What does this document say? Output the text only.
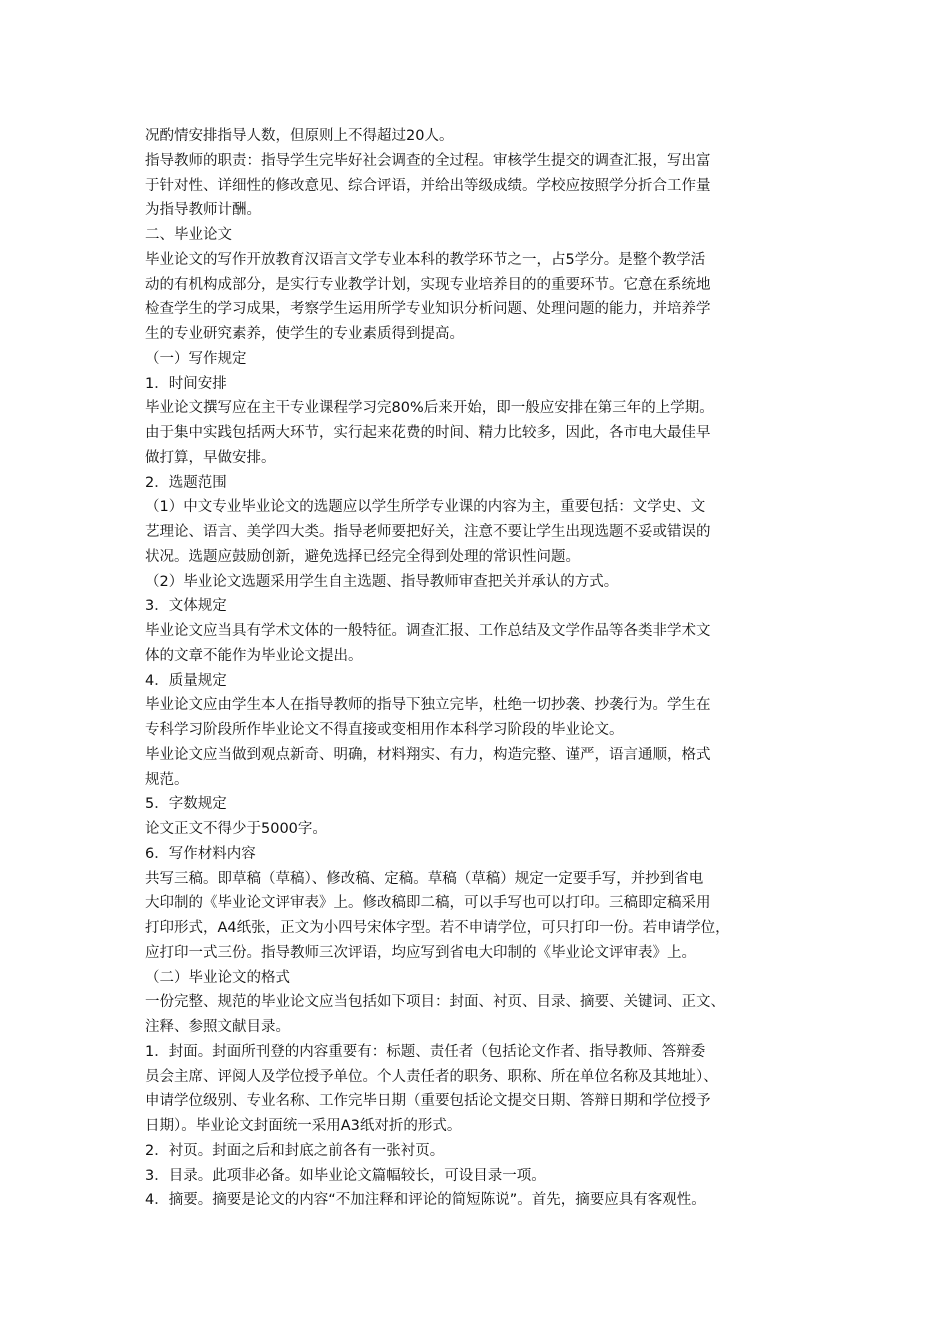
况酌情安排指导人数，但原则上不得超过20人。
指导教师的职责：指导学生完毕好社会调查的全过程。审核学生提交的调查汇报，写出富
于针对性、详细性的修改意见、综合评语，并给出等级成绩。学校应按照学分折合工作量
为指导教师计酬。
二、毕业论文
毕业论文的写作开放教育汉语言文学专业本科的教学环节之一，占5学分。是整个教学活
动的有机构成部分，是实行专业教学计划，实现专业培养目的的重要环节。它意在系统地
检查学生的学习成果，考察学生运用所学专业知识分析问题、处理问题的能力，并培养学
生的专业研究素养，使学生的专业素质得到提高。
（一）写作规定
1．时间安排
毕业论文撰写应在主干专业课程学习完80%后来开始，即一般应安排在第三年的上学期。
由于集中实践包括两大环节，实行起来花费的时间、精力比较多，因此，各市电大最佳早
做打算，早做安排。
2．选题范围
（1）中文专业毕业论文的选题应以学生所学专业课的内容为主，重要包括：文学史、文
艺理论、语言、美学四大类。指导老师要把好关，注意不要让学生出现选题不妥或错误的
状况。选题应鼓励创新，避免选择已经完全得到处理的常识性问题。
（2）毕业论文选题采用学生自主选题、指导教师审查把关并承认的方式。
3．文体规定
毕业论文应当具有学术文体的一般特征。调查汇报、工作总结及文学作品等各类非学术文
体的文章不能作为毕业论文提出。
4．质量规定
毕业论文应由学生本人在指导教师的指导下独立完毕，杜绝一切抄袭、抄袭行为。学生在
专科学习阶段所作毕业论文不得直接或变相用作本科学习阶段的毕业论文。
毕业论文应当做到观点新奇、明确，材料翔实、有力，构造完整、谨严，语言通顺，格式
规范。
5．字数规定
论文正文不得少于5000字。
6．写作材料内容
共写三稿。即草稿（草稿）、修改稿、定稿。草稿（草稿）规定一定要手写，并抄到省电
大印制的《毕业论文评审表》上。修改稿即二稿，可以手写也可以打印。三稿即定稿采用
打印形式，A4纸张，正文为小四号宋体字型。若不申请学位，可只打印一份。若申请学位，
应打印一式三份。指导教师三次评语，均应写到省电大印制的《毕业论文评审表》上。
（二）毕业论文的格式
一份完整、规范的毕业论文应当包括如下项目：封面、衬页、目录、摘要、关键词、正文、
注释、参照文献目录。
1．封面。封面所刊登的内容重要有：标题、责任者（包括论文作者、指导教师、答辩委
员会主席、评阅人及学位授予单位。个人责任者的职务、职称、所在单位名称及其地址）、
申请学位级别、专业名称、工作完毕日期（重要包括论文提交日期、答辩日期和学位授予
日期）。毕业论文封面统一采用A3纸对折的形式。
2．衬页。封面之后和封底之前各有一张衬页。
3．目录。此项非必备。如毕业论文篇幅较长，可设目录一项。
4．摘要。摘要是论文的内容“不加注释和评论的简短陈说”。首先，摘要应具有客观性。
